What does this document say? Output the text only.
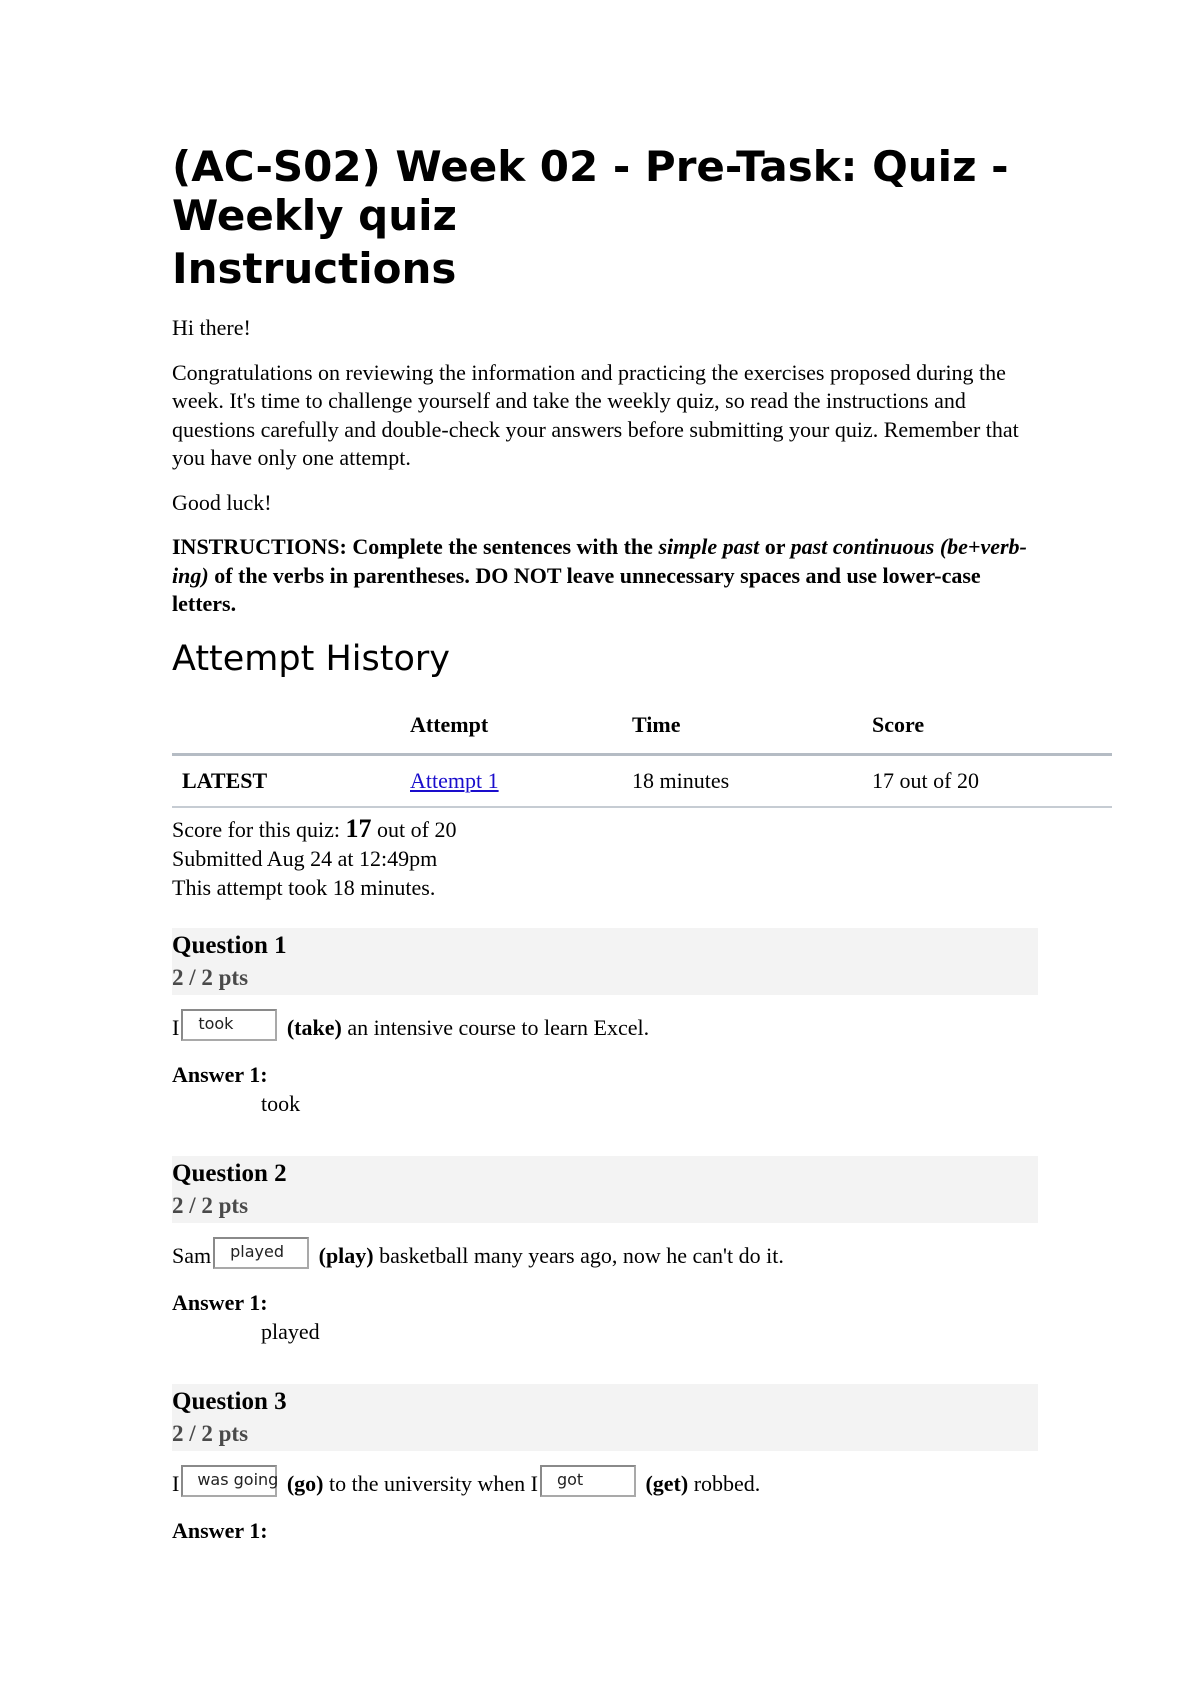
(AC-S02) Week 02 - Pre-Task: Quiz - Weekly quiz
Instructions

Hi there!

Congratulations on reviewing the information and practicing the exercises proposed during the week. It's time to challenge yourself and take the weekly quiz, so read the instructions and questions carefully and double-check your answers before submitting your quiz. Remember that you have only one attempt.

Good luck!

INSTRUCTIONS: Complete the sentences with the simple past or past continuous (be+verb-ing) of the verbs in parentheses. DO NOT leave unnecessary spaces and use lower-case letters.

Attempt History
	Attempt	Time	Score
LATEST	Attempt 1	18 minutes	17 out of 20
Score for this quiz: 17 out of 20
Submitted Aug 24 at 12:49pm
This attempt took 18 minutes.
Question 1
2 / 2 pts
I took (take) an intensive course to learn Excel.
Answer 1:
took
Question 2
2 / 2 pts
Sam played (play) basketball many years ago, now he can't do it.
Answer 1:
played
Question 3
2 / 2 pts
I was going (go) to the university when I got	(get) robbed.
Answer 1:
